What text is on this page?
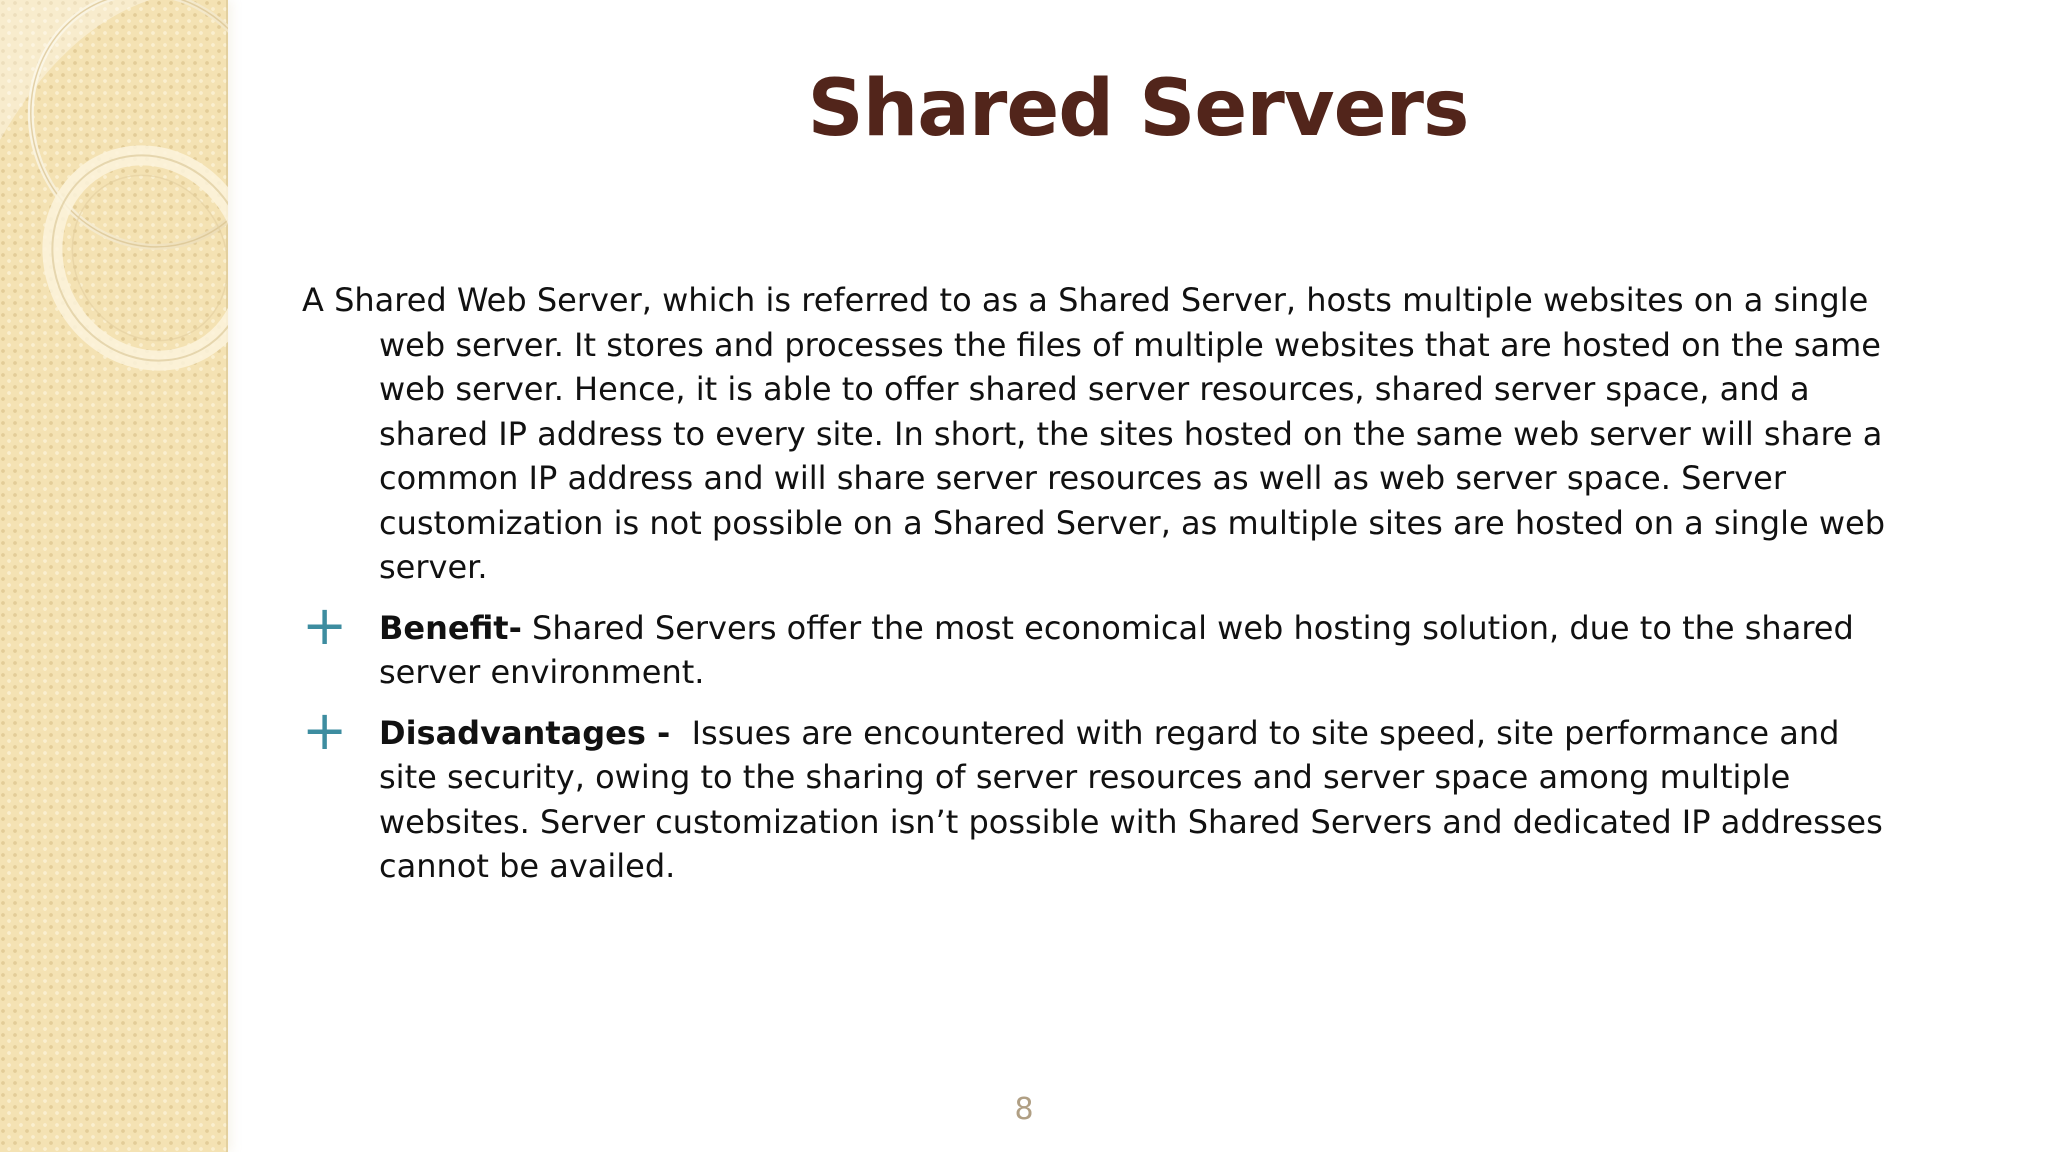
Shared Servers

A Shared Web Server, which is referred to as a Shared Server, hosts multiple websites on a single web server. It stores and processes the files of multiple websites that are hosted on the same web server. Hence, it is able to offer shared server resources, shared server space, and a shared IP address to every site. In short, the sites hosted on the same web server will share a common IP address and will share server resources as well as web server space. Server customization is not possible on a Shared Server, as multiple sites are hosted on a single web server.

+ Benefit- Shared Servers offer the most economical web hosting solution, due to the shared server environment.
+ Disadvantages -  Issues are encountered with regard to site speed, site performance and site security, owing to the sharing of server resources and server space among multiple websites. Server customization isn’t possible with Shared Servers and dedicated IP addresses cannot be availed.
8
